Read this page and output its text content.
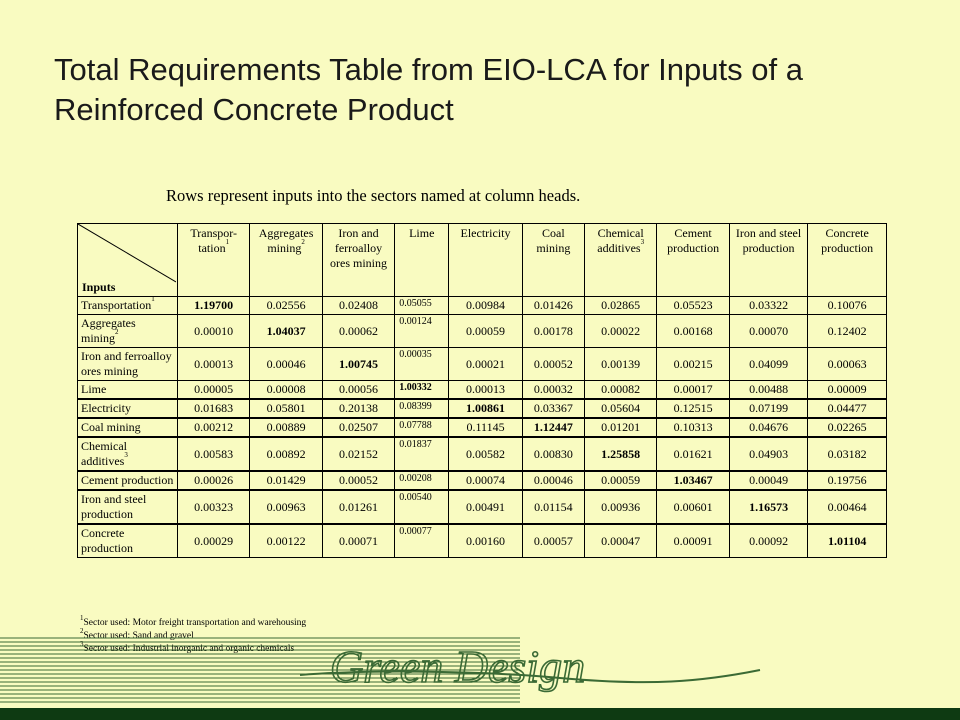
Total Requirements Table from EIO-LCA for Inputs of a Reinforced Concrete Product
Rows represent inputs into the sectors named at column heads.
Inputs	Transpor-tation$^1$	Aggregates mining$^2$	Iron and ferroalloy ores mining	Lime	Electricity	Coal mining	Chemical additives$^3$	Cement production	Iron and steel production	Concrete production
Transportation$^1$	1.19700	0.02556	0.02408	0.05055	0.00984	0.01426	0.02865	0.05523	0.03322	0.10076
Aggregates mining$^2$	0.00010	1.04037	0.00062	0.00124	0.00059	0.00178	0.00022	0.00168	0.00070	0.12402
Iron and ferroalloy ores mining	0.00013	0.00046	1.00745	0.00035	0.00021	0.00052	0.00139	0.00215	0.04099	0.00063
Lime	0.00005	0.00008	0.00056	1.00332	0.00013	0.00032	0.00082	0.00017	0.00488	0.00009
Electricity	0.01683	0.05801	0.20138	0.08399	1.00861	0.03367	0.05604	0.12515	0.07199	0.04477
Coal mining	0.00212	0.00889	0.02507	0.07788	0.11145	1.12447	0.01201	0.10313	0.04676	0.02265
Chemical additives$^3$	0.00583	0.00892	0.02152	0.01837	0.00582	0.00830	1.25858	0.01621	0.04903	0.03182
Cement production	0.00026	0.01429	0.00052	0.00208	0.00074	0.00046	0.00059	1.03467	0.00049	0.19756
Iron and steel production	0.00323	0.00963	0.01261	0.00540	0.00491	0.01154	0.00936	0.00601	1.16573	0.00464
Concrete production	0.00029	0.00122	0.00071	0.00077	0.00160	0.00057	0.00047	0.00091	0.00092	1.01104
$^1$Sector used: Motor freight transportation and warehousing
$^2$Sector used: Sand and gravel
$^3$Sector used: Industrial inorganic and organic chemicals Green Design
